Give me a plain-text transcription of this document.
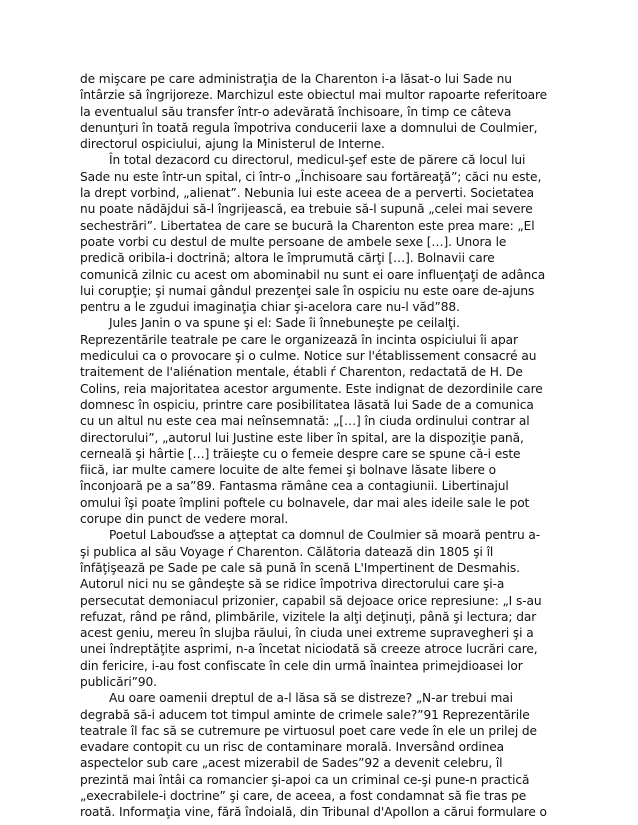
de mişcare pe care administraţia de la Charenton i-a lăsat-o lui Sade nu
întârzie să îngrijoreze. Marchizul este obiectul mai multor rapoarte referitoare
la eventualul său transfer într-o adevărată închisoare, în timp ce câteva
denunţuri în toată regula împotriva conducerii laxe a domnului de Coulmier,
directorul ospiciului, ajung la Ministerul de Interne.
În total dezacord cu directorul, medicul-şef este de părere că locul lui
Sade nu este într-un spital, ci într-o „Închisoare sau fortăreaţă”; căci nu este,
la drept vorbind, „alienat”. Nebunia lui este aceea de a perverti. Societatea
nu poate nădăjdui să-l îngrijească, ea trebuie să-l supună „celei mai severe
sechestrări”. Libertatea de care se bucură la Charenton este prea mare: „El
poate vorbi cu destul de multe persoane de ambele sexe […]. Unora le
predică oribila-i doctrină; altora le împrumută cărţi […]. Bolnavii care
comunică zilnic cu acest om abominabil nu sunt ei oare influenţaţi de adânca
lui corupţie; şi numai gândul prezenţei sale în ospiciu nu este oare de-ajuns
pentru a le zgudui imaginaţia chiar şi-acelora care nu-l văd”88.
Jules Janin o va spune şi el: Sade îi înnebuneşte pe ceilalţi.
Reprezentările teatrale pe care le organizează în incinta ospiciului îi apar
medicului ca o provocare şi o culme. Notice sur l'établissement consacré au
traitement de l'aliénation mentale, établi ŕ Charenton, redactată de H. De
Colins, reia majoritatea acestor argumente. Este indignat de dezordinile care
domnesc în ospiciu, printre care posibilitatea lăsată lui Sade de a comunica
cu un altul nu este cea mai neînsemnată: „[…] în ciuda ordinului contrar al
directorului”, „autorul lui Justine este liber în spital, are la dispoziţie pană,
cerneală şi hârtie […] trăieşte cu o femeie despre care se spune că-i este
fiică, iar multe camere locuite de alte femei şi bolnave lăsate libere o
înconjoară pe a sa”89. Fantasma rămâne cea a contagiunii. Libertinajul
omului îşi poate împlini poftele cu bolnavele, dar mai ales ideile sale le pot
corupe din punct de vedere moral.
Poetul Labouďsse a aţteptat ca domnul de Coulmier să moară pentru a-
şi publica al său Voyage ŕ Charenton. Călătoria datează din 1805 şi îl
înfăţişează pe Sade pe cale să pună în scenă L'Impertinent de Desmahis.
Autorul nici nu se gândeşte să se ridice împotriva directorului care şi-a
persecutat demoniacul prizonier, capabil să dejoace orice represiune: „I s-au
refuzat, rând pe rând, plimbările, vizitele la alţi deţinuţi, până şi lectura; dar
acest geniu, mereu în slujba răului, în ciuda unei extreme supravegheri şi a
unei îndreptăţite asprimi, n-a încetat niciodată să creeze atroce lucrări care,
din fericire, i-au fost confiscate în cele din urmă înaintea primejdioasei lor
publicări”90.
Au oare oamenii dreptul de a-l lăsa să se distreze? „N-ar trebui mai
degrabă să-i aducem tot timpul aminte de crimele sale?”91 Reprezentările
teatrale îl fac să se cutremure pe virtuosul poet care vede în ele un prilej de
evadare contopit cu un risc de contaminare morală. Inversând ordinea
aspectelor sub care „acest mizerabil de Sades”92 a devenit celebru, îl
prezintă mai întâi ca romancier şi-apoi ca un criminal ce-şi pune-n practică
„execrabilele-i doctrine” şi care, de aceea, a fost condamnat să fie tras pe
roată. Informaţia vine, fără îndoială, din Tribunal d'Apollon a cărui formulare o
